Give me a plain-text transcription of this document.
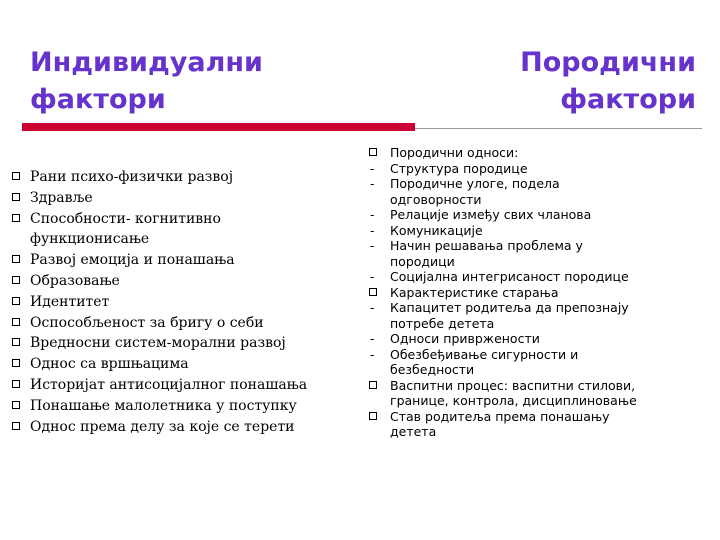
Индивидуални
фактори
Породични
фактори
Рани психо-физички развој
Здравље
Способности- когнитивно
функционисање
Развој емоција и понашања
Образовање
Идентитет
Оспособљеност за бригу о себи
Вредносни систем-морални развој
Однос са вршњацима
Историјат антисоцијалног понашања
Понашање малолетника у поступку
Однос према делу за које се терети
Породични односи:
- Структура породице
- Породичне улоге, подела
одговорности
- Релације између свих чланова
- Комуникације
- Начин решавања проблема у
породици
- Социјална интегрисаност породице
Карактеристике старања
- Капацитет родитеља да препознају
потребе детета
- Односи привржености
- Обезбеђивање сигурности и
безбедности
Васпитни процес: васпитни стилови,
границе, контрола, дисциплиновање
Став родитеља према понашању
детета
